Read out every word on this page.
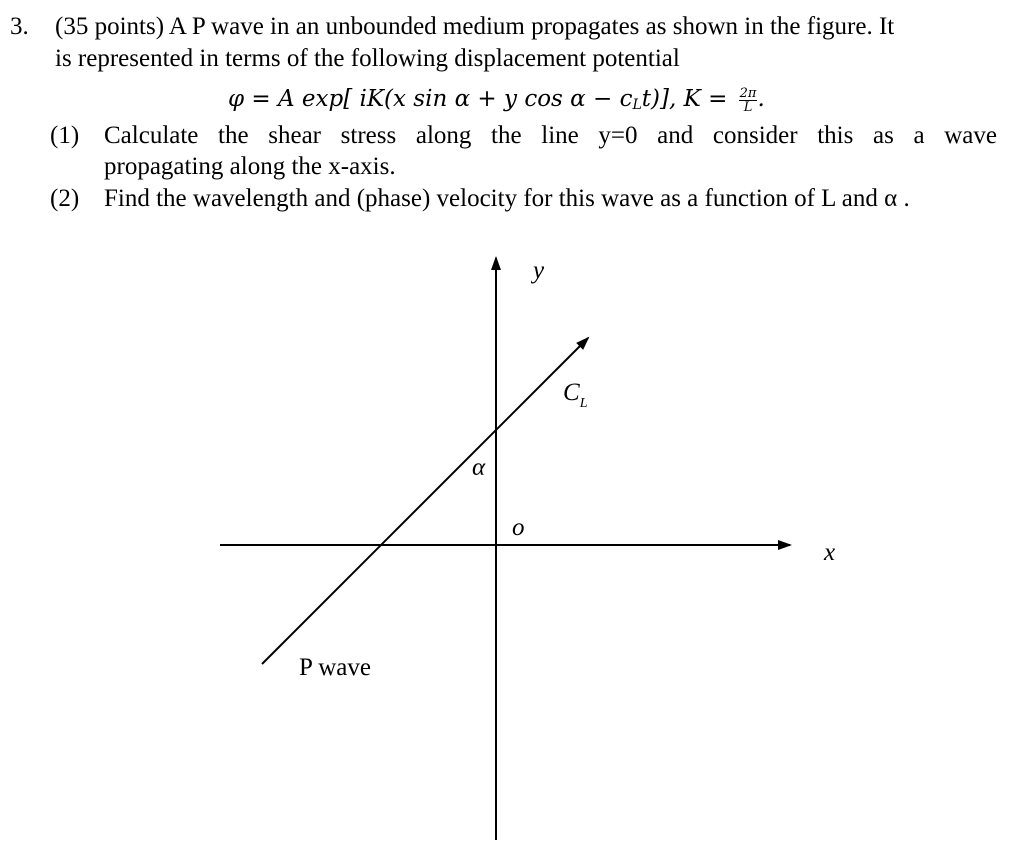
3. (35 points) A P wave in an unbounded medium propagates as shown in the figure. It
is represented in terms of the following displacement potential
φ = A exp[ iK(x sin α + y $\cos \alpha - c_Lt$)], $K = \frac{2\pi}{L}$ .
(1) Calculate the shear stress along the line y=0 and consider this as a wave
propagating along the x-axis.
(2) Find the wavelength and (phase) velocity for this wave as a function of L and α .
y
x
o
α
$C_L$
P wave
